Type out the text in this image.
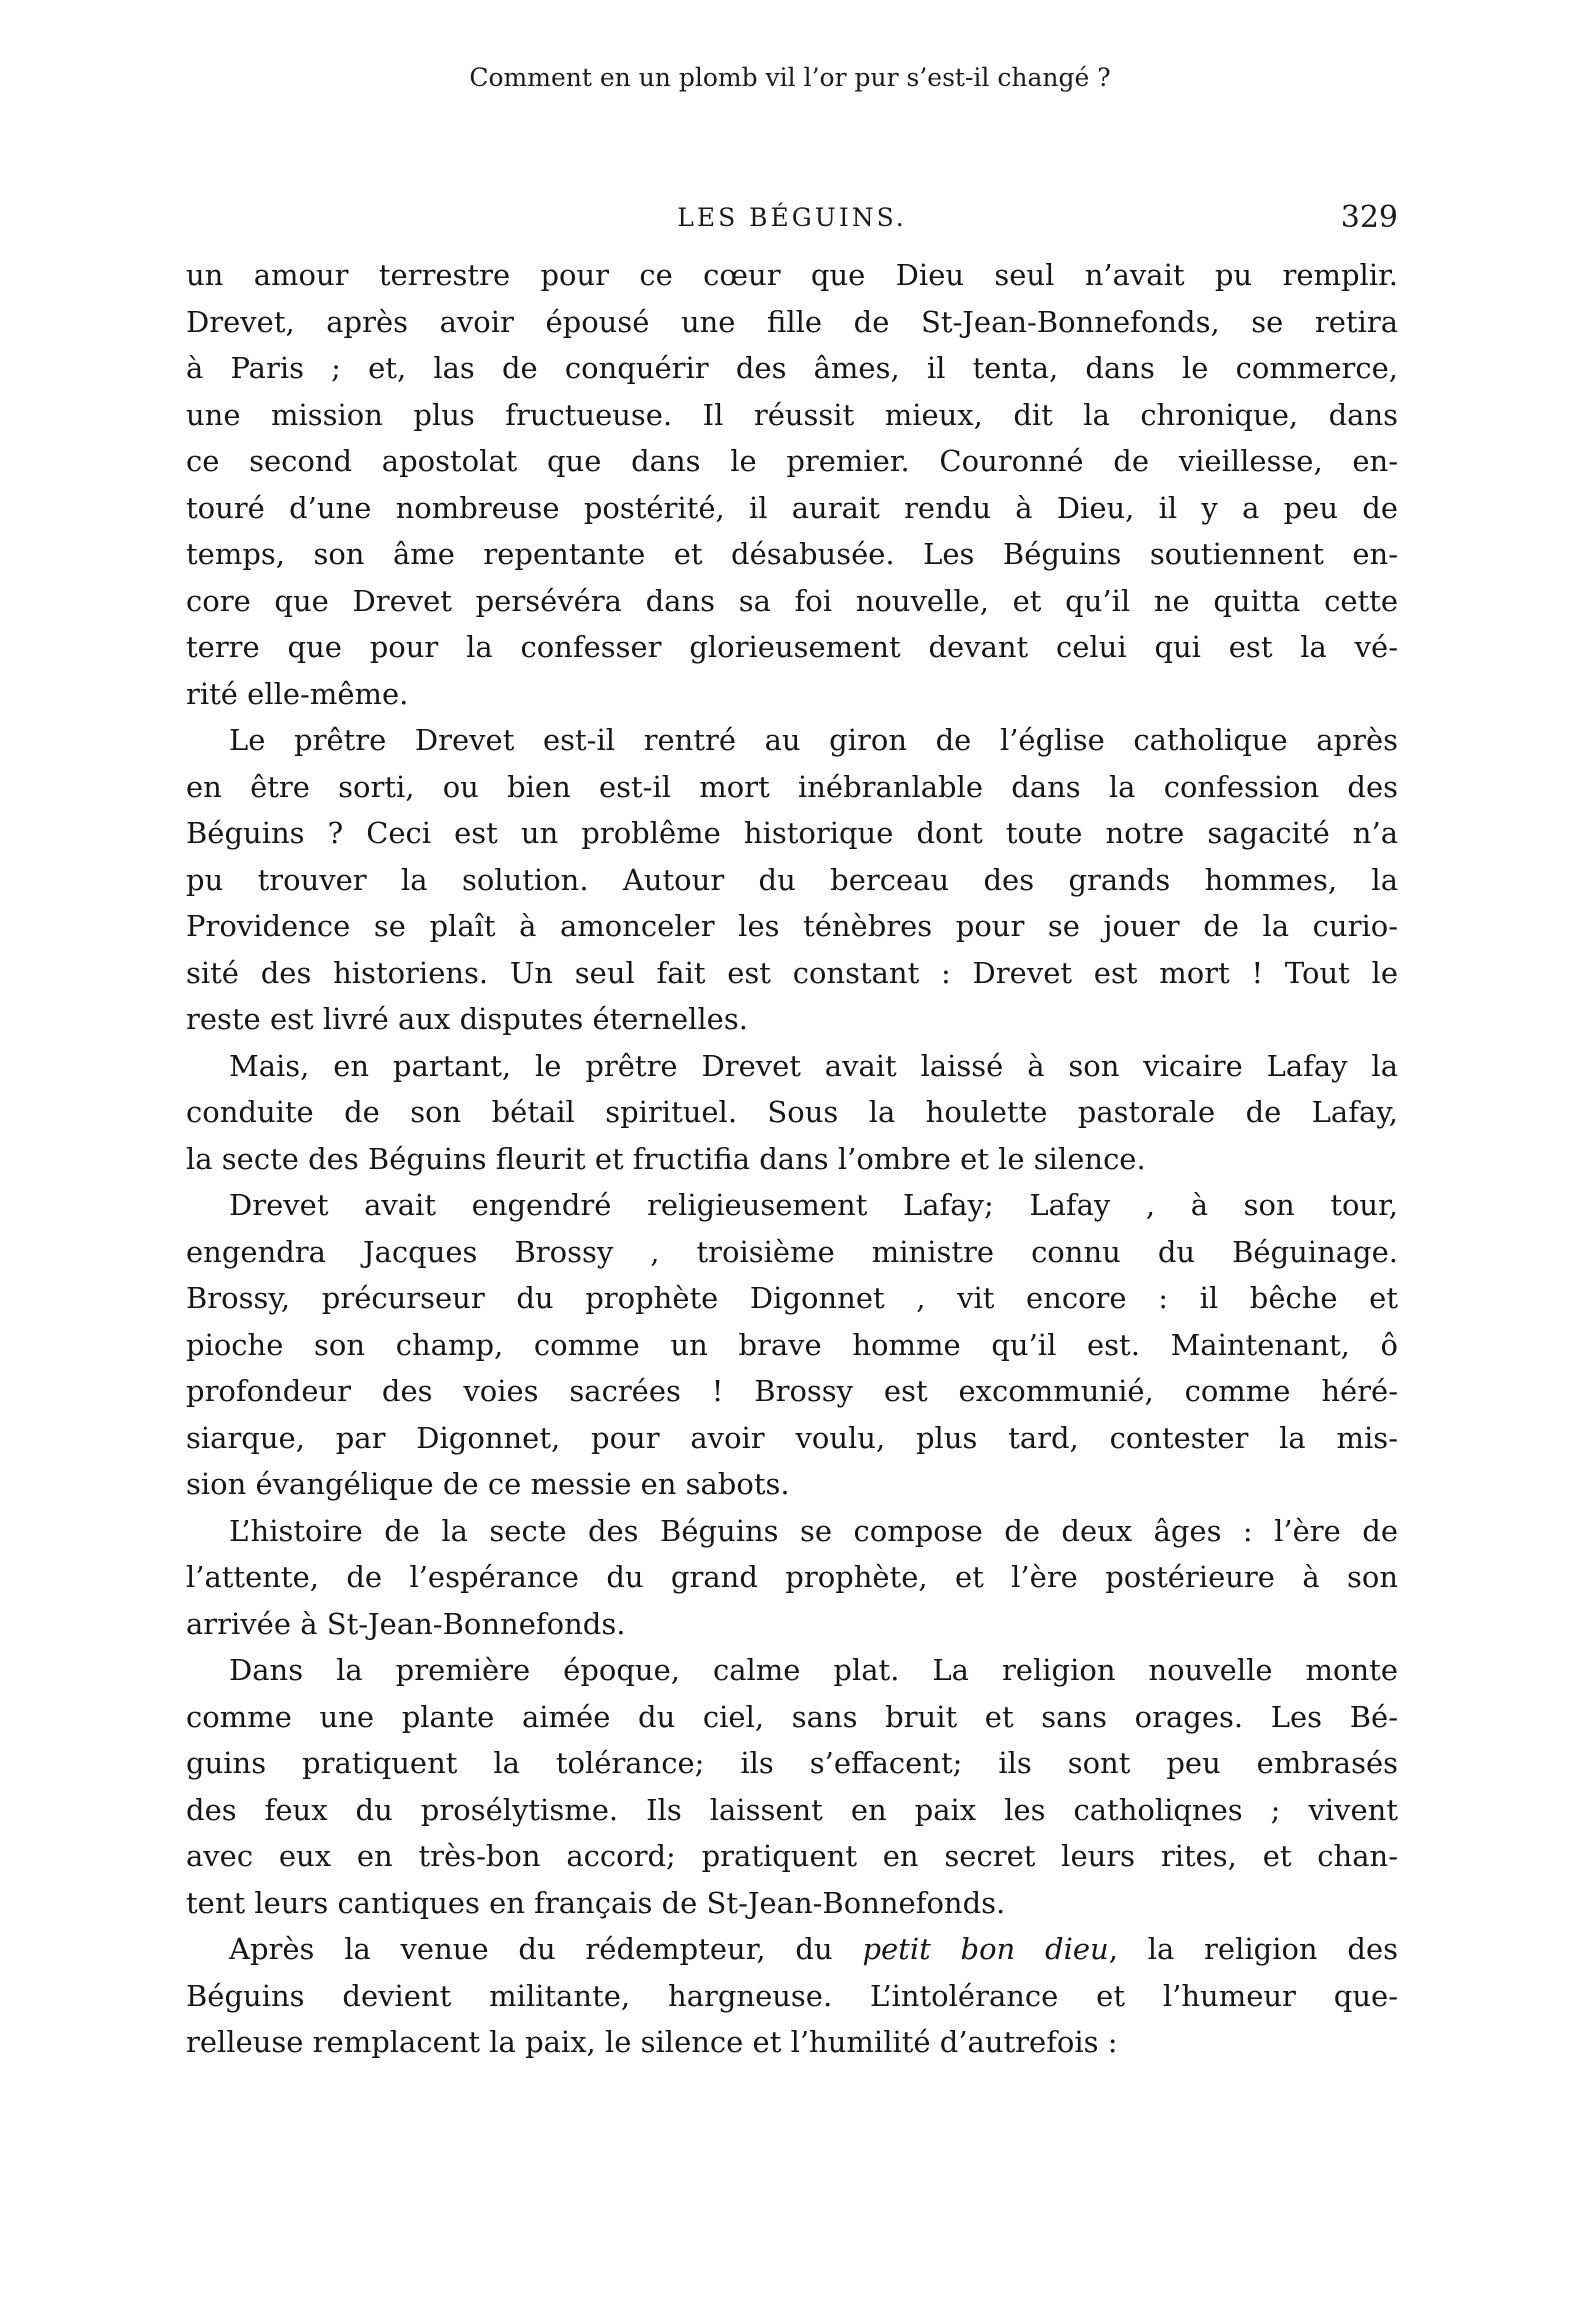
LES BÉGUINS.	329
un amour terrestre pour ce cœur que Dieu seul n’avait pu remplir.
Drevet, après avoir épousé une fille de St-Jean-Bonnefonds, se retira
à Paris ; et, las de conquérir des âmes, il tenta, dans le commerce,
une mission plus fructueuse. Il réussit mieux, dit la chronique, dans
ce second apostolat que dans le premier. Couronné de vieillesse, en-
touré d’une nombreuse postérité, il aurait rendu à Dieu, il y a peu de
temps, son âme repentante et désabusée. Les Béguins soutiennent en-
core que Drevet persévéra dans sa foi nouvelle, et qu’il ne quitta cette
terre que pour la confesser glorieusement devant celui qui est la vé-
rité elle-même.
Le prêtre Drevet est-il rentré au giron de l’église catholique après
en être sorti, ou bien est-il mort inébranlable dans la confession des
Béguins ? Ceci est un problême historique dont toute notre sagacité n’a
pu trouver la solution. Autour du berceau des grands hommes, la
Providence se plaît à amonceler les ténèbres pour se jouer de la curio-
sité des historiens. Un seul fait est constant : Drevet est mort ! Tout le
reste est livré aux disputes éternelles.
Mais, en partant, le prêtre Drevet avait laissé à son vicaire Lafay la
conduite de son bétail spirituel. Sous la houlette pastorale de Lafay,
la secte des Béguins fleurit et fructifia dans l’ombre et le silence.
Drevet avait engendré religieusement Lafay; Lafay , à son tour,
engendra Jacques Brossy , troisième ministre connu du Béguinage.
Brossy, précurseur du prophète Digonnet , vit encore : il bêche et
pioche son champ, comme un brave homme qu’il est. Maintenant, ô
profondeur des voies sacrées ! Brossy est excommunié, comme héré-
siarque, par Digonnet, pour avoir voulu, plus tard, contester la mis-
sion évangélique de ce messie en sabots.
L’histoire de la secte des Béguins se compose de deux âges : l’ère de
l’attente, de l’espérance du grand prophète, et l’ère postérieure à son
arrivée à St-Jean-Bonnefonds.
Dans la première époque, calme plat. La religion nouvelle monte
comme une plante aimée du ciel, sans bruit et sans orages. Les Bé-
guins pratiquent la tolérance; ils s’effacent; ils sont peu embrasés
des feux du prosélytisme. Ils laissent en paix les catholiqnes ; vivent
avec eux en très-bon accord; pratiquent en secret leurs rites, et chan-
tent leurs cantiques en français de St-Jean-Bonnefonds.
Après la venue du rédempteur, du petit bon dieu, la religion des
Béguins devient militante, hargneuse. L’intolérance et l’humeur que-
relleuse remplacent la paix, le silence et l’humilité d’autrefois :
Comment en un plomb vil l’or pur s’est-il changé ?
